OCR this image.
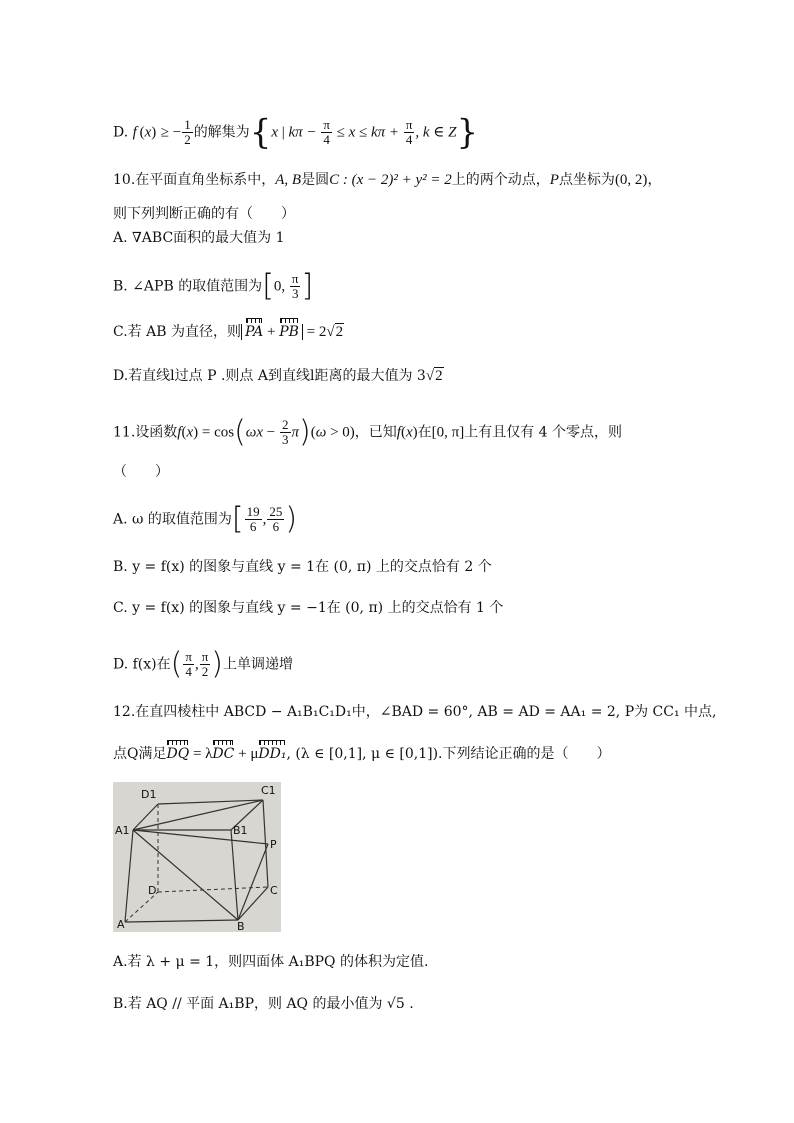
D. f  (x) ≥ − $\frac{1}{2}$ 的解集为{x | $k\pi - \frac{\pi}{4} \le x \le k\pi + \frac{\pi}{4}$ , k ∈ Z}
10.在平面直角坐标系中，A, B是圆C : (x − 2)² + y² = 2上的两个动点，P点坐标为(0, 2)，
则下列判断正确的有（　　）
A. ∇ABC面积的最大值为 1
B. ∠APB 的取值范围为[0, $\frac{\pi}{3}$ ]
C.若 AB 为直径，则 PA + PB = 2√2
D.若直线l过点 P .则点 A到直线l距离的最大值为 3√2
11.设函数$f(x) = \cos(\omega x - \frac{2}{3} \pi)(\omega > 0)$，已知f(x)在[0, π]上有且仅有 4 个零点，则
（　　）
A. ω 的取值范围为[ $\frac{19}{6}$ , $\frac{25}{6}$ )
B. y = f(x) 的图象与直线 y = 1在 (0, π) 上的交点恰有 2 个
C. y = f(x) 的图象与直线 y = −1在 (0, π) 上的交点恰有 1 个
D. f(x)在( $\frac{\pi}{4}$ , $\frac{\pi}{2}$ )上单调递增
12.在直四棱柱中 ABCD − A₁B₁C₁D₁中，∠BAD = 60°, AB = AD = AA₁ = 2, P为 CC₁ 中点,
点Q满足DQ = λDC + μDD₁, (λ ∈ [0,1], μ ∈ [0,1]).下列结论正确的是（　　）
D1	C1
A1	B1
P
D	C
A	B
A.若 λ + μ = 1，则四面体 A₁BPQ 的体积为定值.
B.若 AQ // 平面 A₁BP，则 AQ 的最小值为 √5 .
